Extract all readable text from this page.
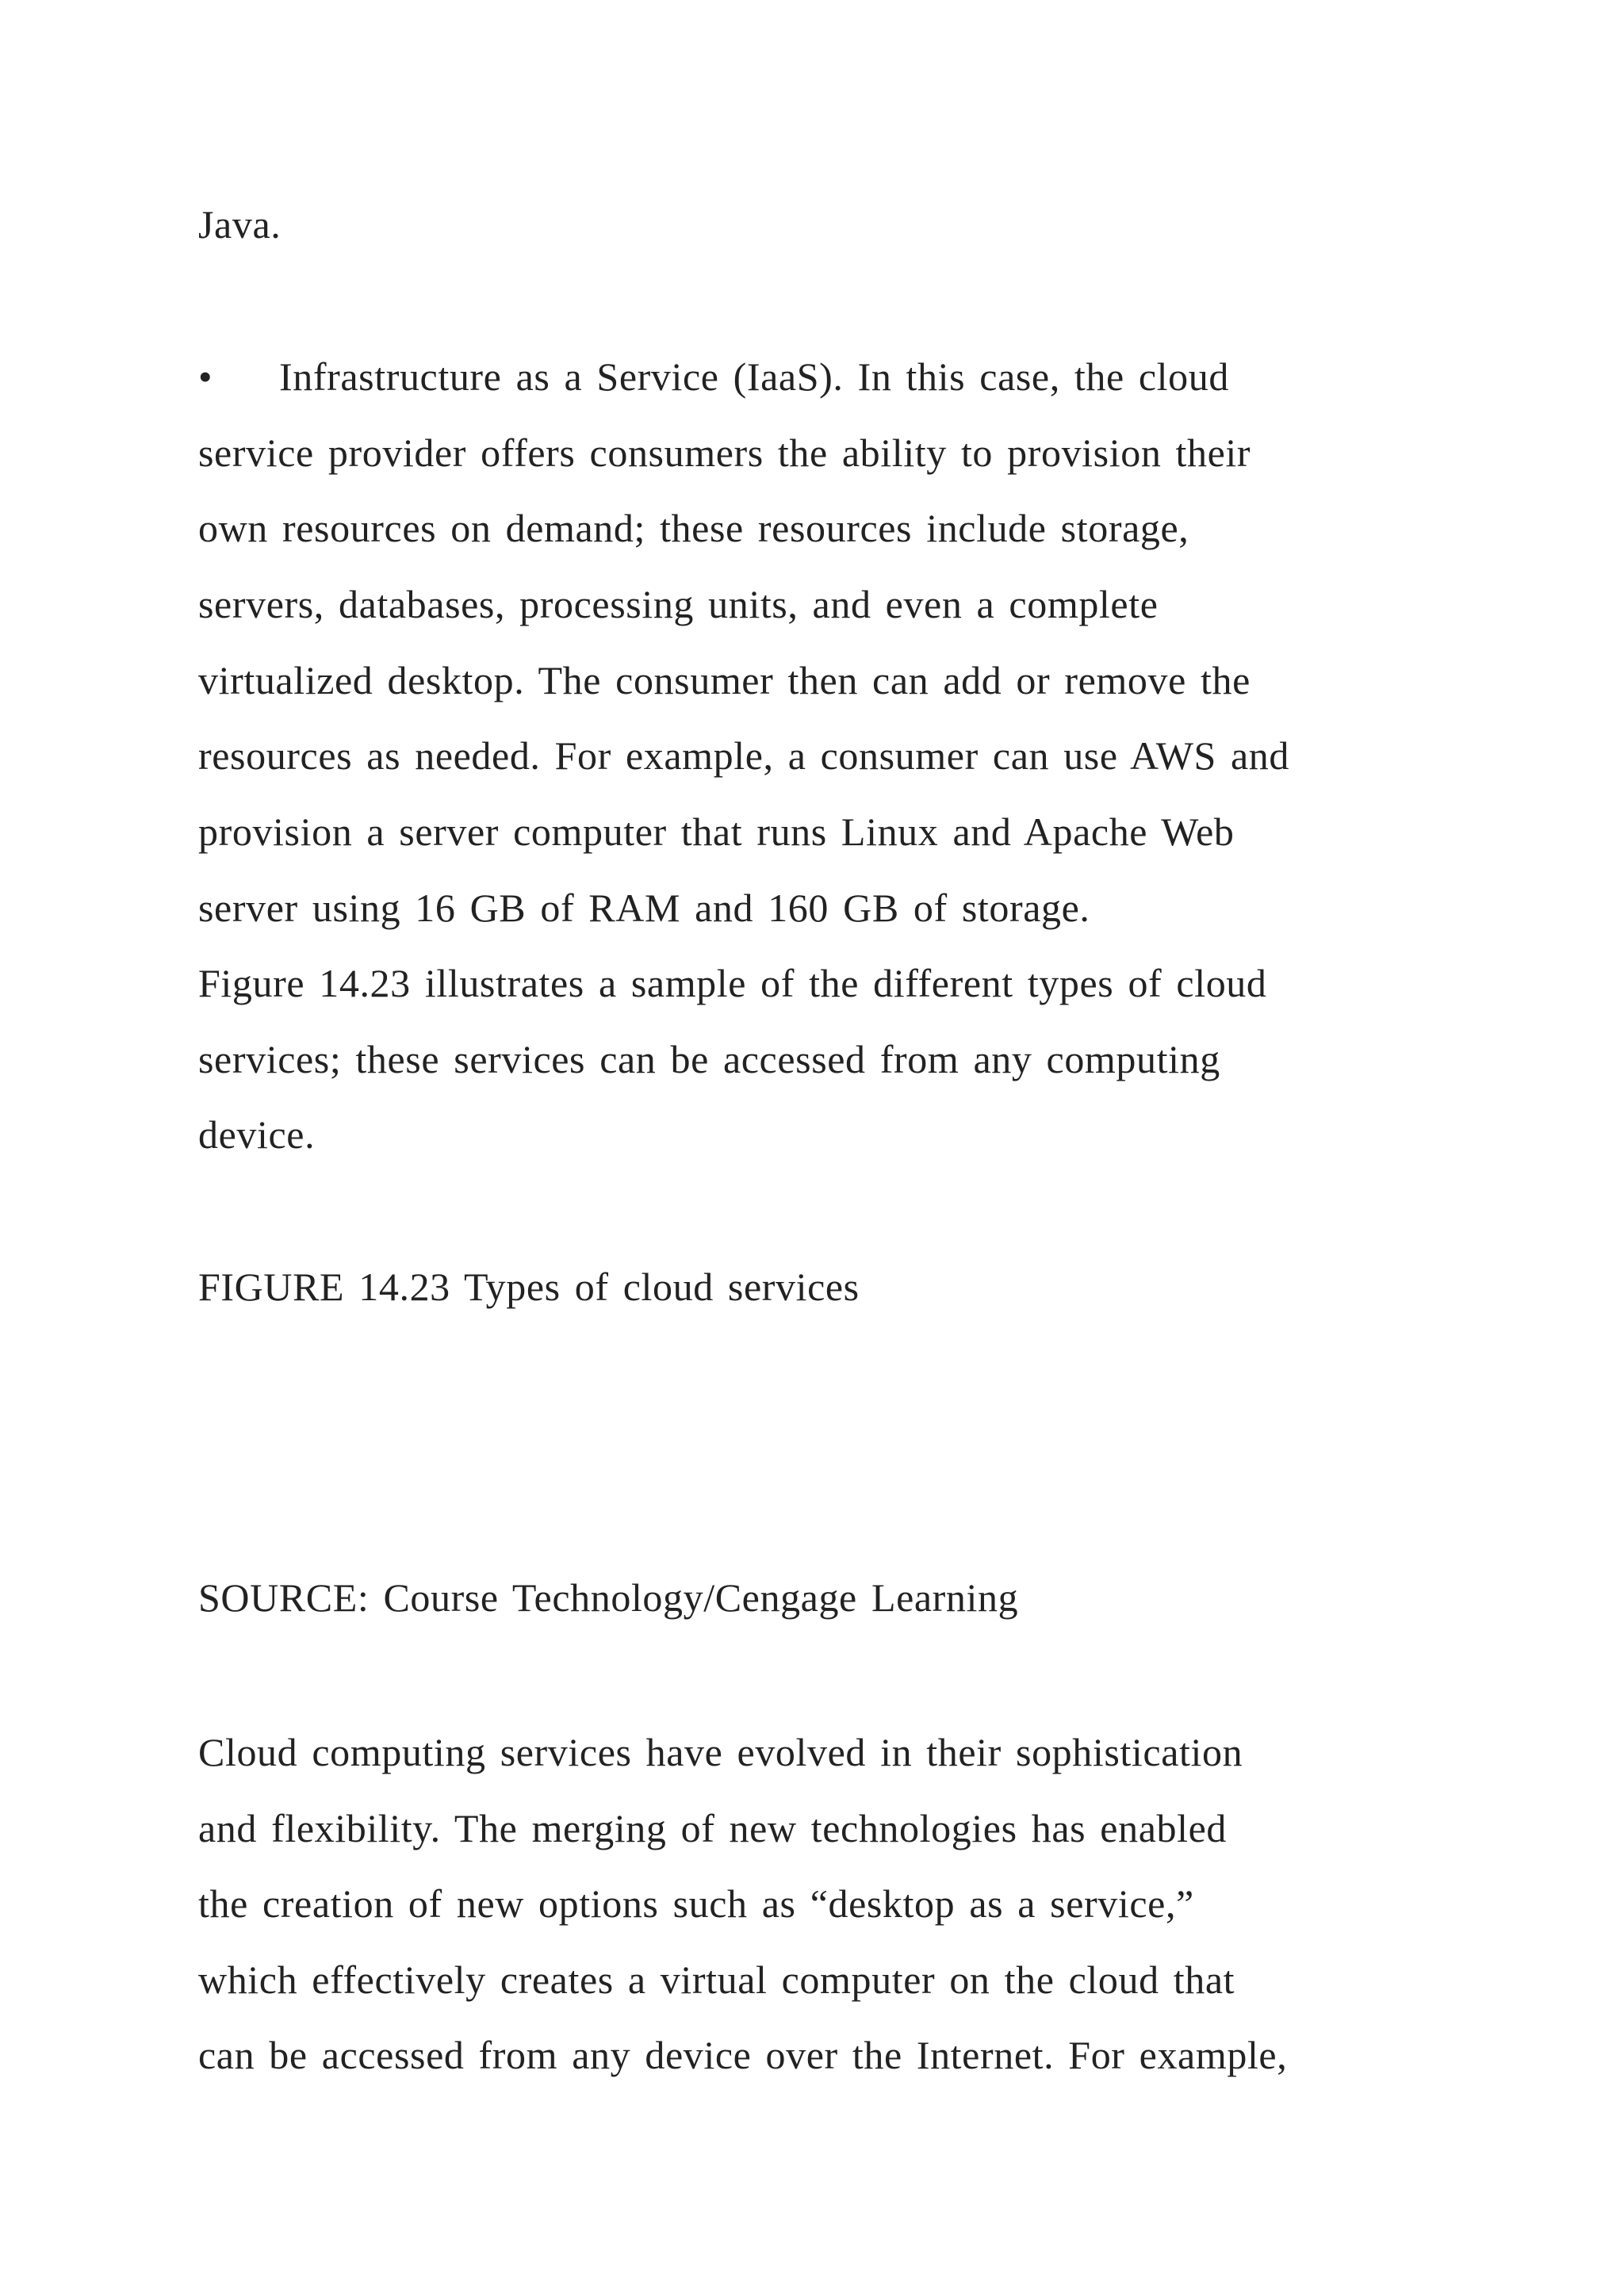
Java.

• Infrastructure as a Service (IaaS). In this case, the cloud

service provider offers consumers the ability to provision their

own resources on demand; these resources include storage,

servers, databases, processing units, and even a complete

virtualized desktop. The consumer then can add or remove the

resources as needed. For example, a consumer can use AWS and

provision a server computer that runs Linux and Apache Web

server using 16 GB of RAM and 160 GB of storage.

Figure 14.23 illustrates a sample of the different types of cloud

services; these services can be accessed from any computing

device.

FIGURE 14.23 Types of cloud services

SOURCE: Course Technology/Cengage Learning

Cloud computing services have evolved in their sophistication

and flexibility. The merging of new technologies has enabled

the creation of new options such as “desktop as a service,”

which effectively creates a virtual computer on the cloud that

can be accessed from any device over the Internet. For example,
